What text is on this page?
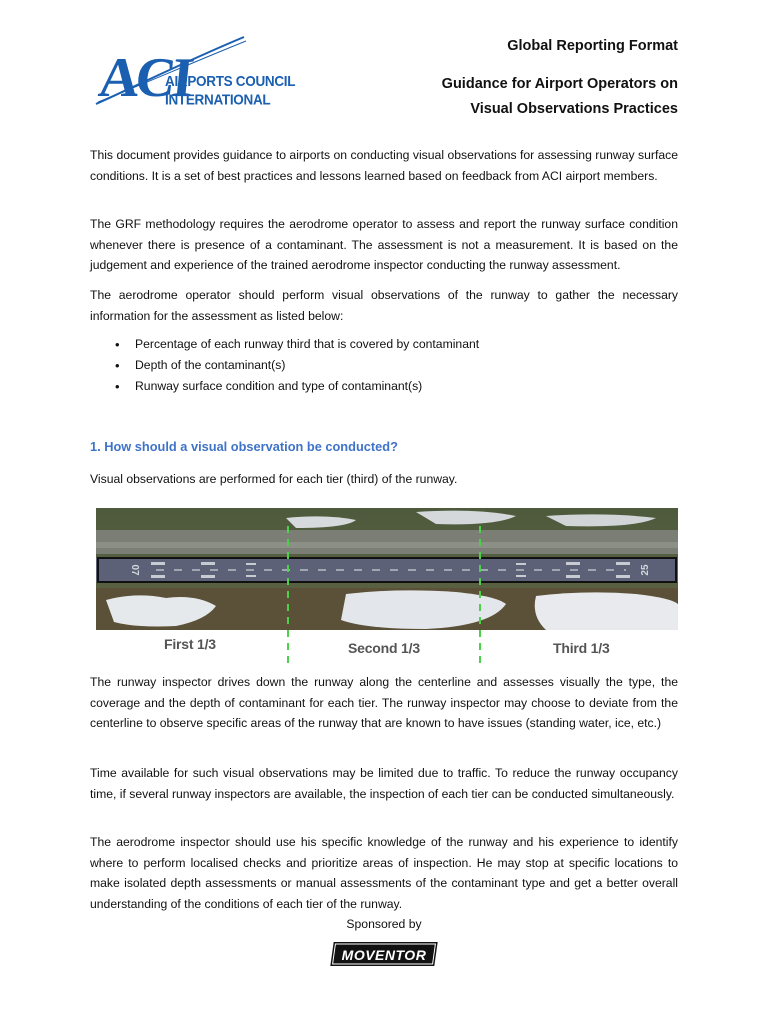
ACI
AIRPORTS COUNCIL
INTERNATIONAL
Global Reporting Format
Guidance for Airport Operators on
Visual Observations Practices
This document provides guidance to airports on conducting visual observations for assessing runway surface conditions. It is a set of best practices and lessons learned based on feedback from ACI airport members.
The GRF methodology requires the aerodrome operator to assess and report the runway surface condition whenever there is presence of a contaminant. The assessment is not a measurement. It is based on the judgement and experience of the trained aerodrome inspector conducting the runway assessment.
The aerodrome operator should perform visual observations of the runway to gather the necessary information for the assessment as listed below:
• Percentage of each runway third that is covered by contaminant
• Depth of the contaminant(s)
• Runway surface condition and type of contaminant(s)
1. How should a visual observation be conducted?
Visual observations are performed for each tier (third) of the runway.
07	25
First 1/3	Second 1/3	Third 1/3
The runway inspector drives down the runway along the centerline and assesses visually the type, the coverage and the depth of contaminant for each tier. The runway inspector may choose to deviate from the centerline to observe specific areas of the runway that are known to have issues (standing water, ice, etc.)
Time available for such visual observations may be limited due to traffic. To reduce the runway occupancy time, if several runway inspectors are available, the inspection of each tier can be conducted simultaneously.
The aerodrome inspector should use his specific knowledge of the runway and his experience to identify where to perform localised checks and prioritize areas of inspection. He may stop at specific locations to make isolated depth assessments or manual assessments of the contaminant type and get a better overall understanding of the conditions of each tier of the runway.
Sponsored by
MOVENTOR
